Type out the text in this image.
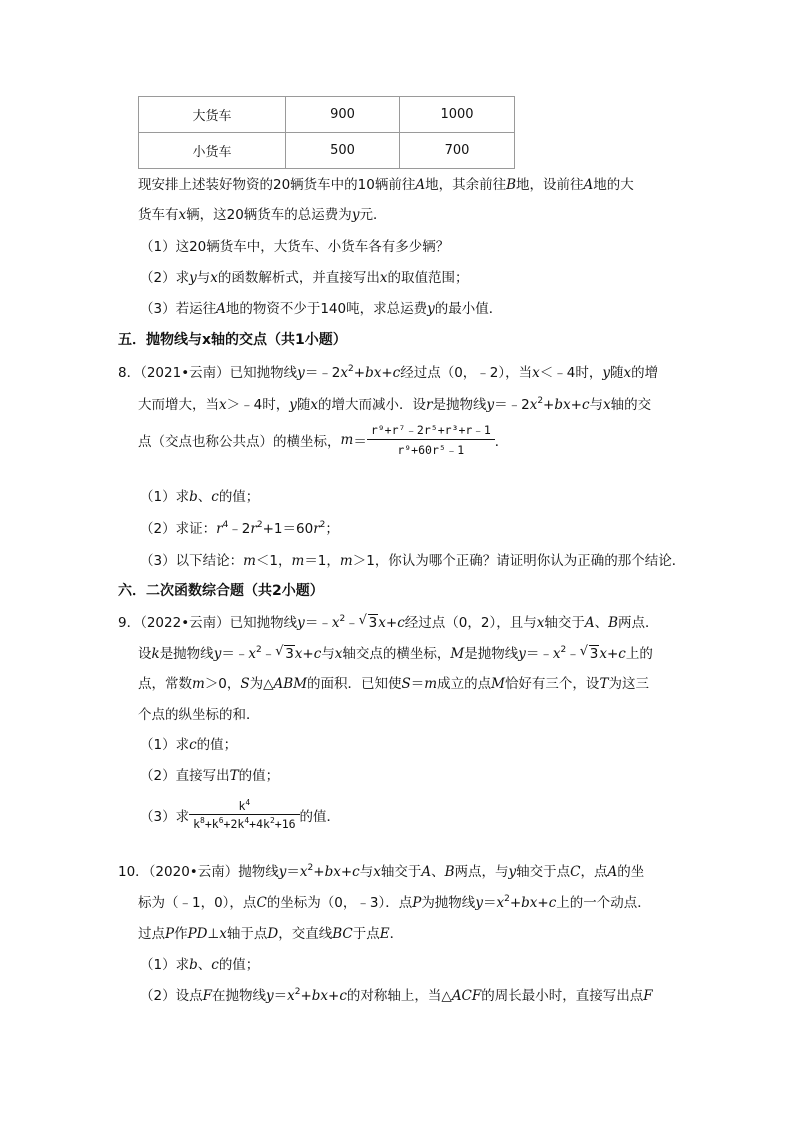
大货车	900	1000
小货车	500	700
现安排上述装好物资的20辆货车中的10辆前往A地，其余前往B地，设前往A地的大
货车有x辆，这20辆货车的总运费为y元．
（1）这20辆货车中，大货车、小货车各有多少辆？
（2）求y与x的函数解析式，并直接写出x的取值范围；
（3）若运往A地的物资不少于140吨，求总运费y的最小值．
五．抛物线与x轴的交点（共1小题）
8．（2021•云南）已知抛物线$y=﹣2x^2+bx+c$经过点（0，﹣2），当x＜﹣4时，y随x的增
大而增大，当x＞﹣4时，y随x的增大而减小．设r是抛物线$y=﹣2x^2+bx+c$与x轴的交
点（交点也称公共点）的横坐标，$m= \frac{\text{r⁹+r⁷﹣2r⁵+r³+r﹣1}}{\text{r⁹+60r⁵﹣1}}$ ．
（1）求b、c的值；
（2）求证：$r^4﹣2r^2+1=60r^2$；
（3）以下结论：m＜1，m＝1，m＞1，你认为哪个正确？请证明你认为正确的那个结论．
六．二次函数综合题（共2小题）
9．（2022•云南）已知抛物线$y=﹣x^2﹣$ √ 3x+c经过点（0，2），且与x轴交于A、B两点．
设k是抛物线$y=﹣x^2﹣$ √ 3x+c与x轴交点的横坐标，M是抛物线$y=﹣x^2﹣$ √ 3x+c上的
点，常数m＞0，S为△ABM的面积．已知使S＝m成立的点M恰好有三个，设T为这三
个点的纵坐标的和．
（1）求c的值；
（2）直接写出T的值；
（3）求 $\frac{k^4}{k^8+k^6+2k^4+4k^2+16}$ 的值．
10．（2020•云南）抛物线$y=x^2+bx+c$与x轴交于A、B两点，与y轴交于点C，点A的坐
标为（﹣1，0），点C的坐标为（0，﹣3）．点P为抛物线$y=x^2+bx+c$上的一个动点．
过点P作PD⊥x轴于点D，交直线BC于点E．
（1）求b、c的值；
（2）设点F在抛物线$y=x^2+bx+c$的对称轴上，当△ACF的周长最小时，直接写出点F
